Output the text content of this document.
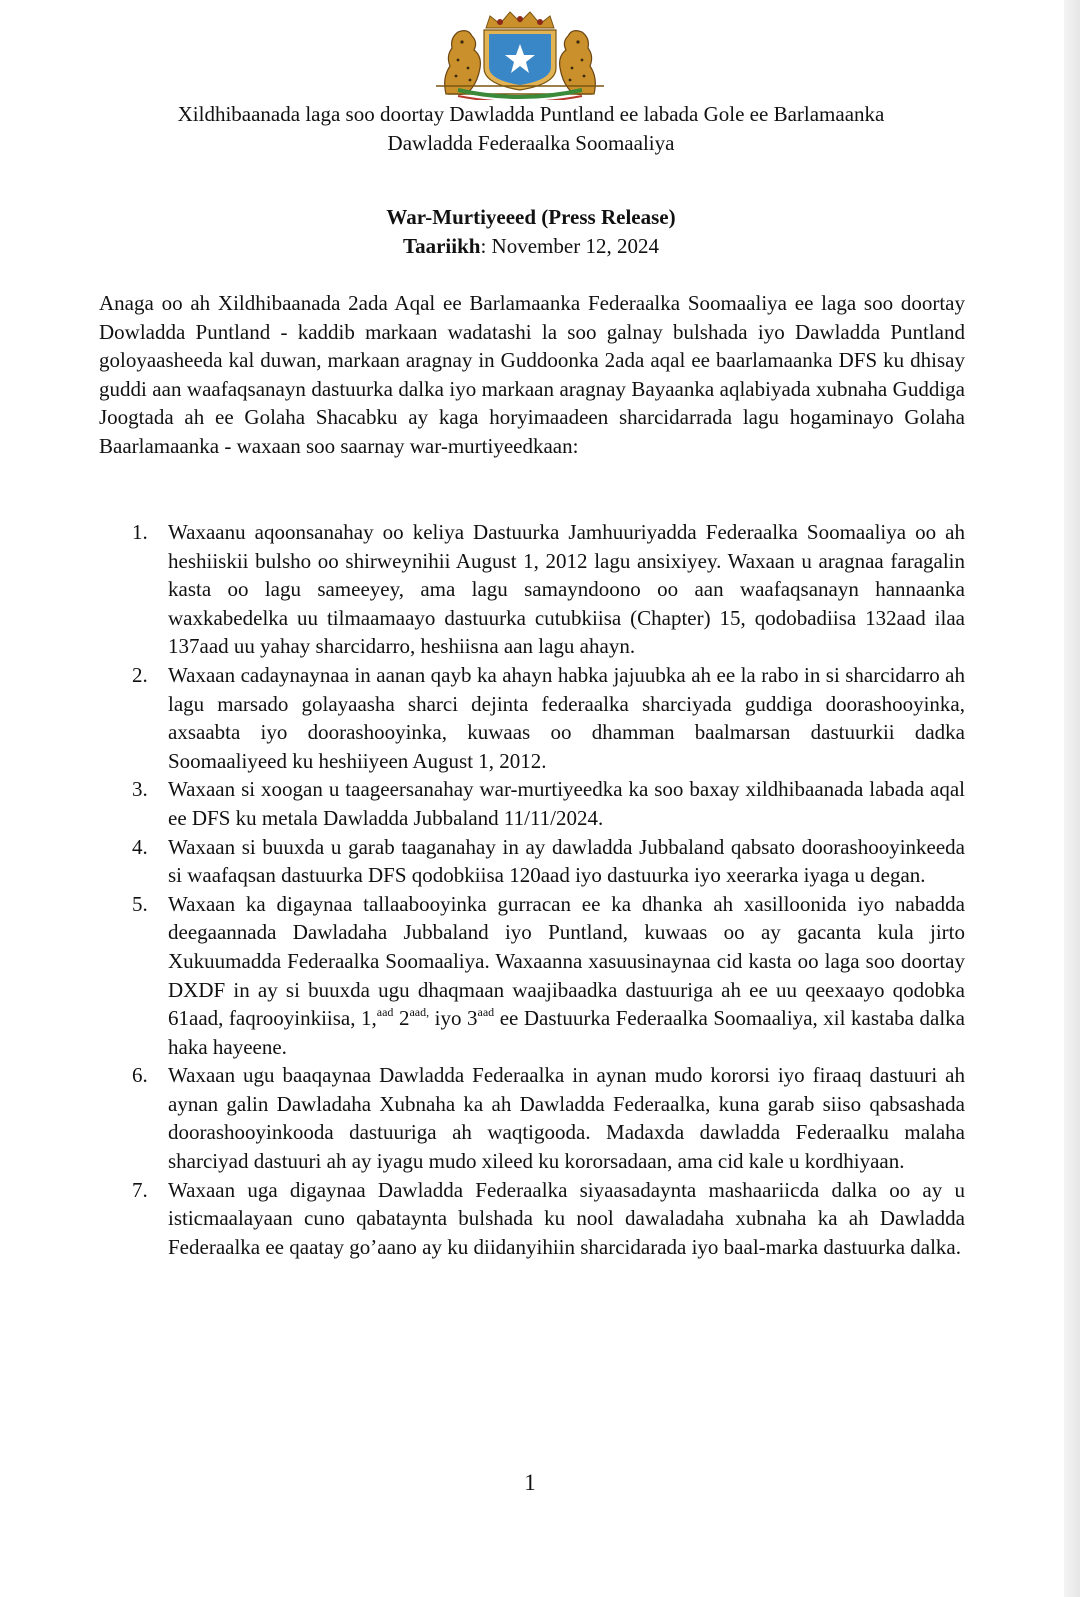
Xildhibaanada laga soo doortay Dawladda Puntland ee labada Gole ee Barlamaanka
Dawladda Federaalka Soomaaliya
War-Murtiyeeed (Press Release)
Taariikh: November 12, 2024
Anaga oo ah Xildhibaanada 2ada Aqal ee Barlamaanka Federaalka Soomaaliya ee laga soo doortay Dowladda Puntland - kaddib markaan wadatashi la soo galnay bulshada iyo Dawladda Puntland goloyaasheeda kal duwan, markaan aragnay in Guddoonka 2ada aqal ee baarlamaanka DFS ku dhisay guddi aan waafaqsanayn dastuurka dalka iyo markaan aragnay Bayaanka aqlabiyada xubnaha Guddiga Joogtada ah ee Golaha Shacabku ay kaga horyimaadeen sharcidarrada lagu hogaminayo Golaha Baarlamaanka - waxaan soo saarnay war-murtiyeedkaan:
1. Waxaanu aqoonsanahay oo keliya Dastuurka Jamhuuriyadda Federaalka Soomaaliya oo ah heshiiskii bulsho oo shirweynihii August 1, 2012 lagu ansixiyey. Waxaan u aragnaa faragalin kasta oo lagu sameeyey, ama lagu samayndoono oo aan waafaqsanayn hannaanka waxkabedelka uu tilmaamaayo dastuurka cutubkiisa (Chapter) 15, qodobadiisa 132aad ilaa 137aad uu yahay sharcidarro, heshiisna aan lagu ahayn.
2. Waxaan cadaynaynaa in aanan qayb ka ahayn habka jajuubka ah ee la rabo in si sharcidarro ah lagu marsado golayaasha sharci dejinta federaalka sharciyada guddiga doorashooyinka, axsaabta iyo doorashooyinka, kuwaas oo dhamman baalmarsan dastuurkii dadka Soomaaliyeed ku heshiiyeen August 1, 2012.
3. Waxaan si xoogan u taageersanahay war-murtiyeedka ka soo baxay xildhibaanada labada aqal ee DFS ku metala Dawladda Jubbaland 11/11/2024.
4. Waxaan si buuxda u garab taaganahay in ay dawladda Jubbaland qabsato doorashooyinkeeda si waafaqsan dastuurka DFS qodobkiisa 120aad iyo dastuurka iyo xeerarka iyaga u degan.
5. Waxaan ka digaynaa tallaabooyinka gurracan ee ka dhanka ah xasilloonida iyo nabadda deegaannada Dawladaha Jubbaland iyo Puntland, kuwaas oo ay gacanta kula jirto Xukuumadda Federaalka Soomaaliya. Waxaanna xasuusinaynaa cid kasta oo laga soo doortay DXDF in ay si buuxda ugu dhaqmaan waajibaadka dastuuriga ah ee uu qeexaayo qodobka 61aad, faqrooyinkiisa, 1,$^{aad}$ $2^{aad,}$ iyo $3^{aad}$ ee Dastuurka Federaalka Soomaaliya, xil kastaba dalka haka hayeene.
6. Waxaan ugu baaqaynaa Dawladda Federaalka in aynan mudo kororsi iyo firaaq dastuuri ah aynan galin Dawladaha Xubnaha ka ah Dawladda Federaalka, kuna garab siiso qabsashada doorashooyinkooda dastuuriga ah waqtigooda. Madaxda dawladda Federaalku malaha sharciyad dastuuri ah ay iyagu mudo xileed ku kororsadaan, ama cid kale u kordhiyaan.
7. Waxaan uga digaynaa Dawladda Federaalka siyaasadaynta mashaariicda dalka oo ay u isticmaalayaan cuno qabataynta bulshada ku nool dawaladaha xubnaha ka ah Dawladda Federaalka ee qaatay go’aano ay ku diidanyihiin sharcidarada iyo baal-marka dastuurka dalka.
1
